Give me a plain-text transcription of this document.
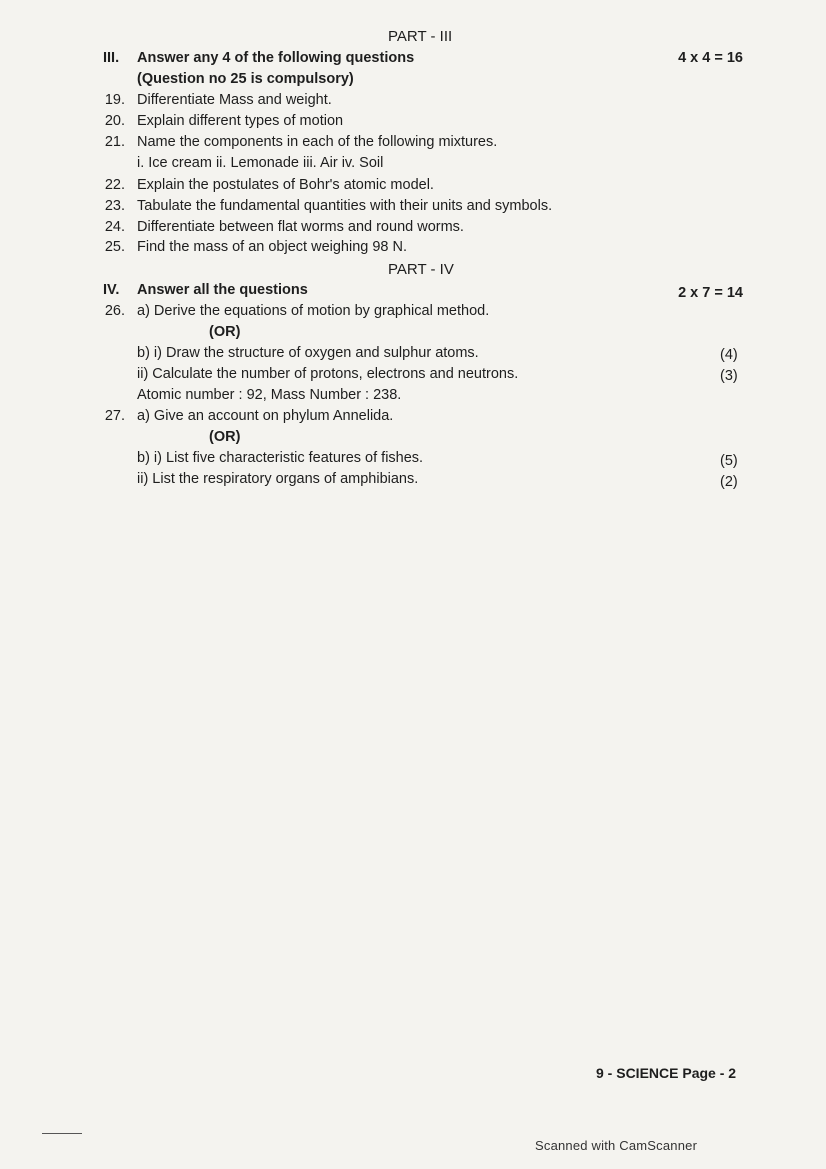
PART - III
III. Answer any 4 of the following questions	4 x 4 = 16
(Question no 25 is compulsory)
19. Differentiate Mass and weight.
20. Explain different types of motion
21. Name the components in each of the following mixtures.
i. Ice cream ii. Lemonade iii. Air iv. Soil
22. Explain the postulates of Bohr's atomic model.
23. Tabulate the fundamental quantities with their units and symbols.
24. Differentiate between flat worms and round worms.
25. Find the mass of an object weighing 98 N.
PART - IV
IV. Answer all the questions	2 x 7 = 14
26. a) Derive the equations of motion by graphical method.
(OR)
b) i) Draw the structure of oxygen and sulphur atoms.	(4)
ii) Calculate the number of protons, electrons and neutrons.	(3)
Atomic number : 92, Mass Number : 238.
27. a) Give an account on phylum Annelida.
(OR)
b) i) List five characteristic features of fishes.	(5)
ii) List the respiratory organs of amphibians.	(2)
9 - SCIENCE Page - 2
Scanned with CamScanner
